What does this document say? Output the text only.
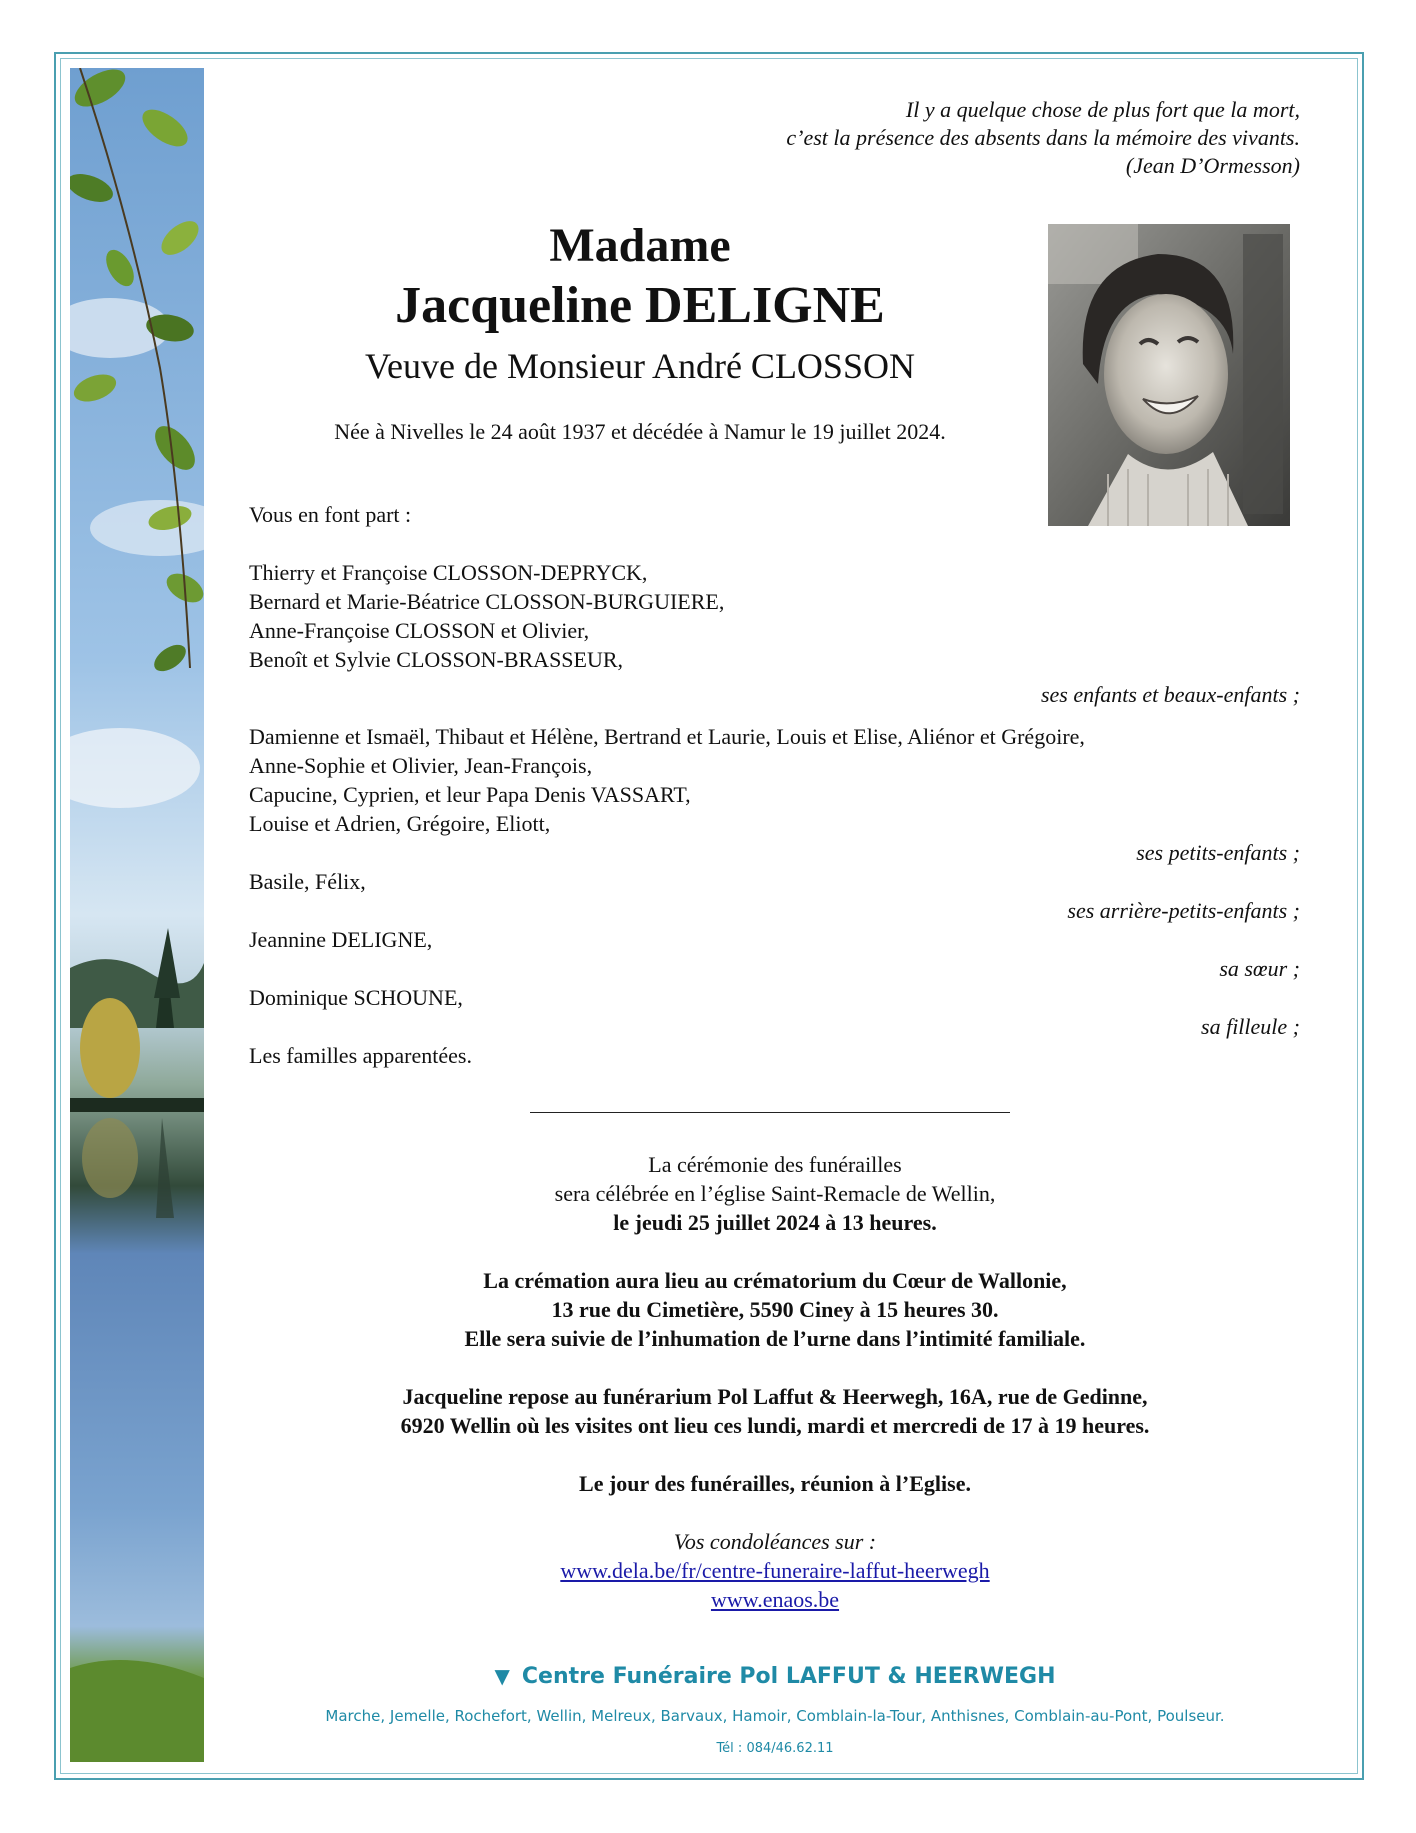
Il y a quelque chose de plus fort que la mort,
c’est la présence des absents dans la mémoire des vivants.
(Jean D’Ormesson)
Madame
Jacqueline DELIGNE
Veuve de Monsieur André CLOSSON
Née à Nivelles le 24 août 1937 et décédée à Namur le 19 juillet 2024.
Vous en font part :
Thierry et Françoise CLOSSON-DEPRYCK,
Bernard et Marie-Béatrice CLOSSON-BURGUIERE,
Anne-Françoise CLOSSON et Olivier,
Benoît et Sylvie CLOSSON-BRASSEUR,
ses enfants et beaux-enfants ;
Damienne et Ismaël, Thibaut et Hélène, Bertrand et Laurie, Louis et Elise, Aliénor et Grégoire,
Anne-Sophie et Olivier, Jean-François,
Capucine, Cyprien, et leur Papa Denis VASSART,
Louise et Adrien, Grégoire, Eliott,
ses petits-enfants ;
Basile, Félix,
ses arrière-petits-enfants ;
Jeannine DELIGNE,
sa sœur ;
Dominique SCHOUNE,
sa filleule ;
Les familles apparentées.
La cérémonie des funérailles
sera célébrée en l’église Saint-Remacle de Wellin,
le jeudi 25 juillet 2024 à 13 heures.
La crémation aura lieu au crématorium du Cœur de Wallonie,
13 rue du Cimetière, 5590 Ciney à 15 heures 30.
Elle sera suivie de l’inhumation de l’urne dans l’intimité familiale.
Jacqueline repose au funérarium Pol Laffut & Heerwegh, 16A, rue de Gedinne,
6920 Wellin où les visites ont lieu ces lundi, mardi et mercredi de 17 à 19 heures.
Le jour des funérailles, réunion à l’Eglise.
Vos condoléances sur :
www.dela.be/fr/centre-funeraire-laffut-heerwegh
www.enaos.be
▼ Centre Funéraire Pol LAFFUT & HEERWEGH
Marche, Jemelle, Rochefort, Wellin, Melreux, Barvaux, Hamoir, Comblain-la-Tour, Anthisnes, Comblain-au-Pont, Poulseur.
Tél : 084/46.62.11
